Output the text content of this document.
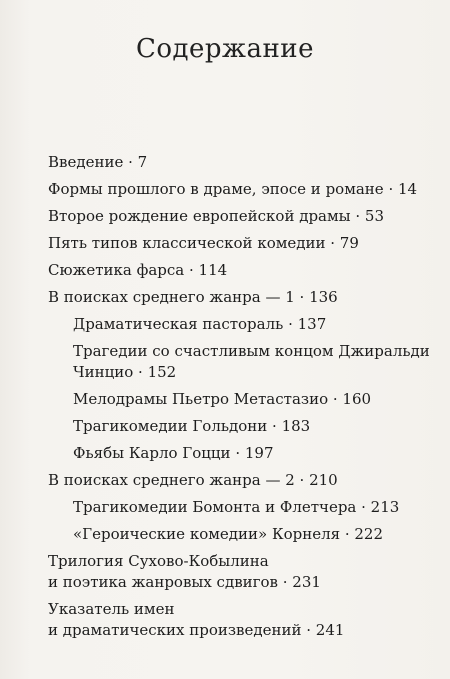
Содержание
Введение · 7
Формы прошлого в драме, эпосе и романе · 14
Второе рождение европейской драмы · 53
Пять типов классической комедии · 79
Сюжетика фарса · 114
В поисках среднего жанра — 1 · 136
Драматическая пастораль · 137
Трагедии со счастливым концом Джиральди
Чинцио · 152
Мелодрамы Пьетро Метастазио · 160
Трагикомедии Гольдони · 183
Фьябы Карло Гоцци · 197
В поисках среднего жанра — 2 · 210
Трагикомедии Бомонта и Флетчера · 213
«Героические комедии» Корнеля · 222
Трилогия Сухово-Кобылина
и поэтика жанровых сдвигов · 231
Указатель имен
и драматических произведений · 241
